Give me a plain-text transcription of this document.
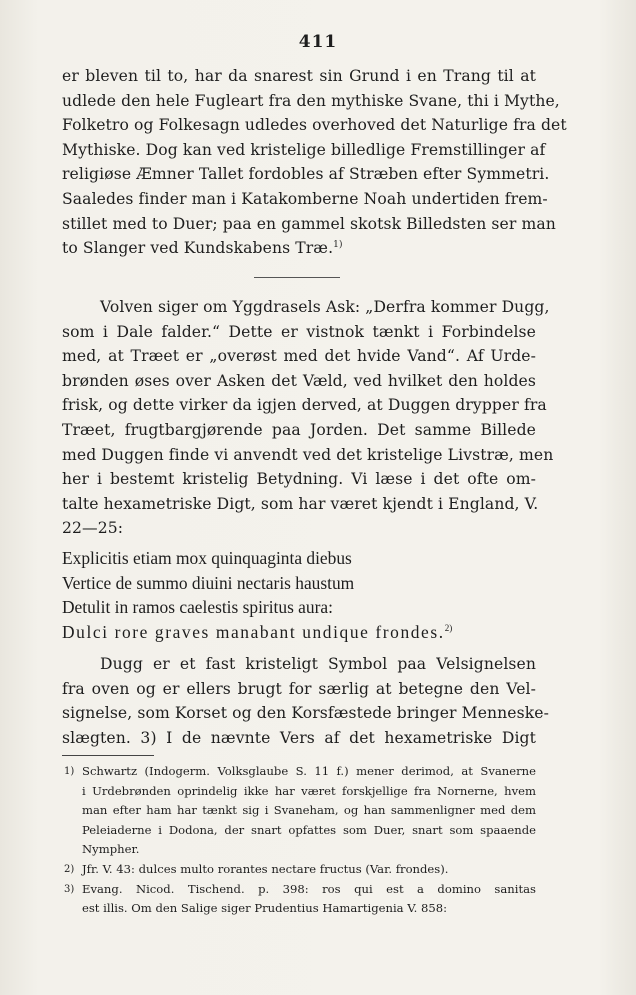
411
er bleven til to, har da snarest sin Grund i en Trang til at
udlede den hele Fugleart fra den mythiske Svane, thi i Mythe,
Folketro og Folkesagn udledes overhoved det Naturlige fra det
Mythiske. Dog kan ved kristelige billedlige Fremstillinger af
religiøse Æmner Tallet fordobles af Stræben efter Symmetri.
Saaledes finder man i Katakomberne Noah undertiden frem-
stillet med to Duer; paa en gammel skotsk Billedsten ser man
to Slanger ved Kundskabens Træ.$^{1)}$
Volven siger om Yggdrasels Ask: „Derfra kommer Dugg,
som i Dale falder.“ Dette er vistnok tænkt i Forbindelse
med, at Træet er „overøst med det hvide Vand“. Af Urde-
brønden øses over Asken det Væld, ved hvilket den holdes
frisk, og dette virker da igjen derved, at Duggen drypper fra
Træet, frugtbargjørende paa Jorden. Det samme Billede
med Duggen finde vi anvendt ved det kristelige Livstræ, men
her i bestemt kristelig Betydning. Vi læse i det ofte om-
talte hexametriske Digt, som har været kjendt i England, V.
22—25:
Explicitis etiam mox quinquaginta diebus
Vertice de summo diuini nectaris haustum
Detulit in ramos caelestis spiritus aura:
Dulci rore graves manabant undique frondes.$^{2)}$
Dugg er et fast kristeligt Symbol paa Velsignelsen
fra oven og er ellers brugt for særlig at betegne den Vel-
signelse, som Korset og den Korsfæstede bringer Menneske-
slægten. 3) I de nævnte Vers af det hexametriske Digt
1) Schwartz (Indogerm. Volksglaube S. 11 f.) mener derimod, at Svanerne
i Urdebrønden oprindelig ikke har været forskjellige fra Nornerne, hvem
man efter ham har tænkt sig i Svaneham, og han sammenligner med dem
Peleiaderne i Dodona, der snart opfattes som Duer, snart som spaaende
Nympher.
2) Jfr. V. 43: dulces multo rorantes nectare fructus (Var. frondes).
3) Evang. Nicod. Tischend. p. 398: ros qui est a domino sanitas
est illis. Om den Salige siger Prudentius Hamartigenia V. 858:
